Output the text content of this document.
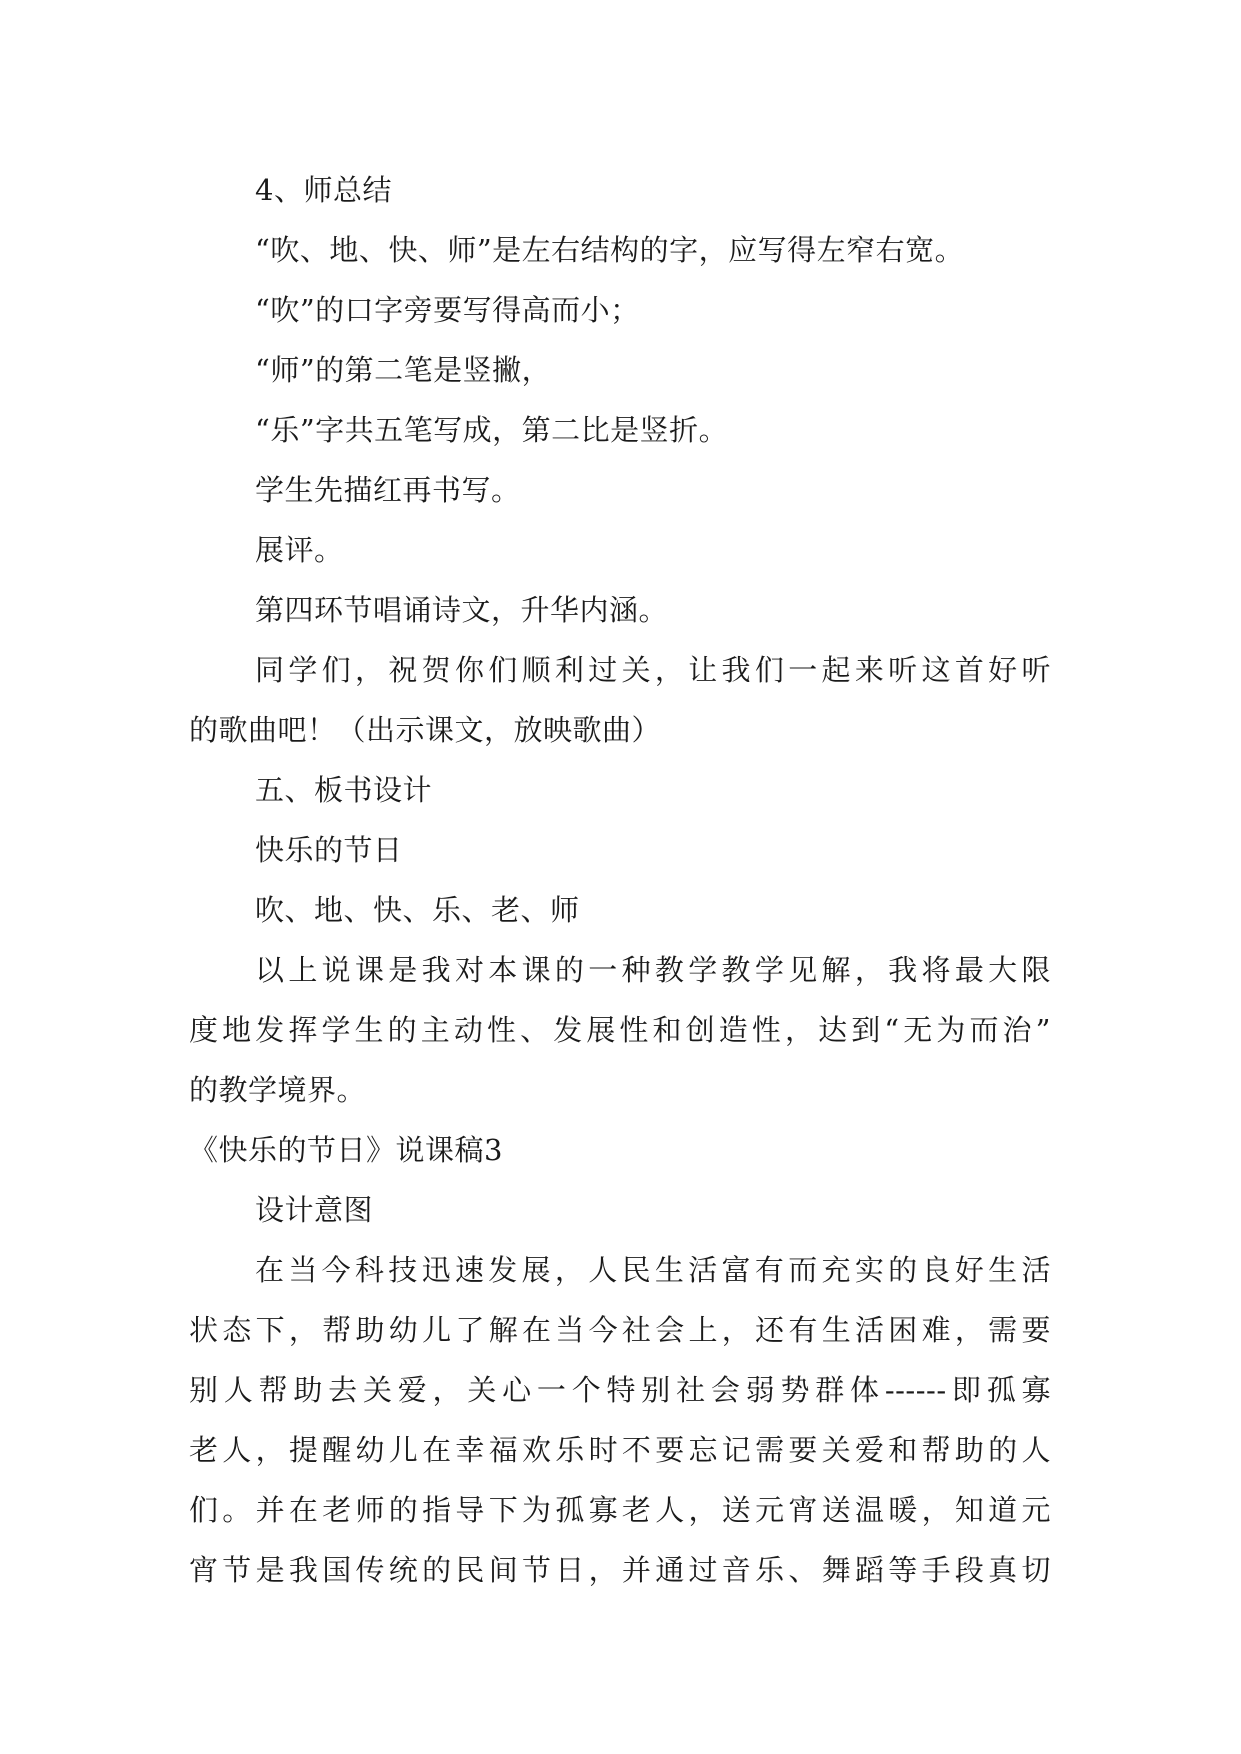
4、师总结
“吹、地、快、师”是左右结构的字，应写得左窄右宽。
“吹”的口字旁要写得高而小；
“师”的第二笔是竖撇，
“乐”字共五笔写成，第二比是竖折。
学生先描红再书写。
展评。
第四环节唱诵诗文，升华内涵。
同学们，祝贺你们顺利过关，让我们一起来听这首好听
的歌曲吧！（出示课文，放映歌曲）
五、板书设计
快乐的节日
吹、地、快、乐、老、师
以上说课是我对本课的一种教学教学见解，我将最大限
度地发挥学生的主动性、发展性和创造性，达到“无为而治”
的教学境界。
《快乐的节日》说课稿3
设计意图
在当今科技迅速发展，人民生活富有而充实的良好生活
状态下，帮助幼儿了解在当今社会上，还有生活困难，需要
别人帮助去关爱，关心一个特别社会弱势群体------即孤寡
老人，提醒幼儿在幸福欢乐时不要忘记需要关爱和帮助的人
们。并在老师的指导下为孤寡老人，送元宵送温暖，知道元
宵节是我国传统的民间节日，并通过音乐、舞蹈等手段真切
